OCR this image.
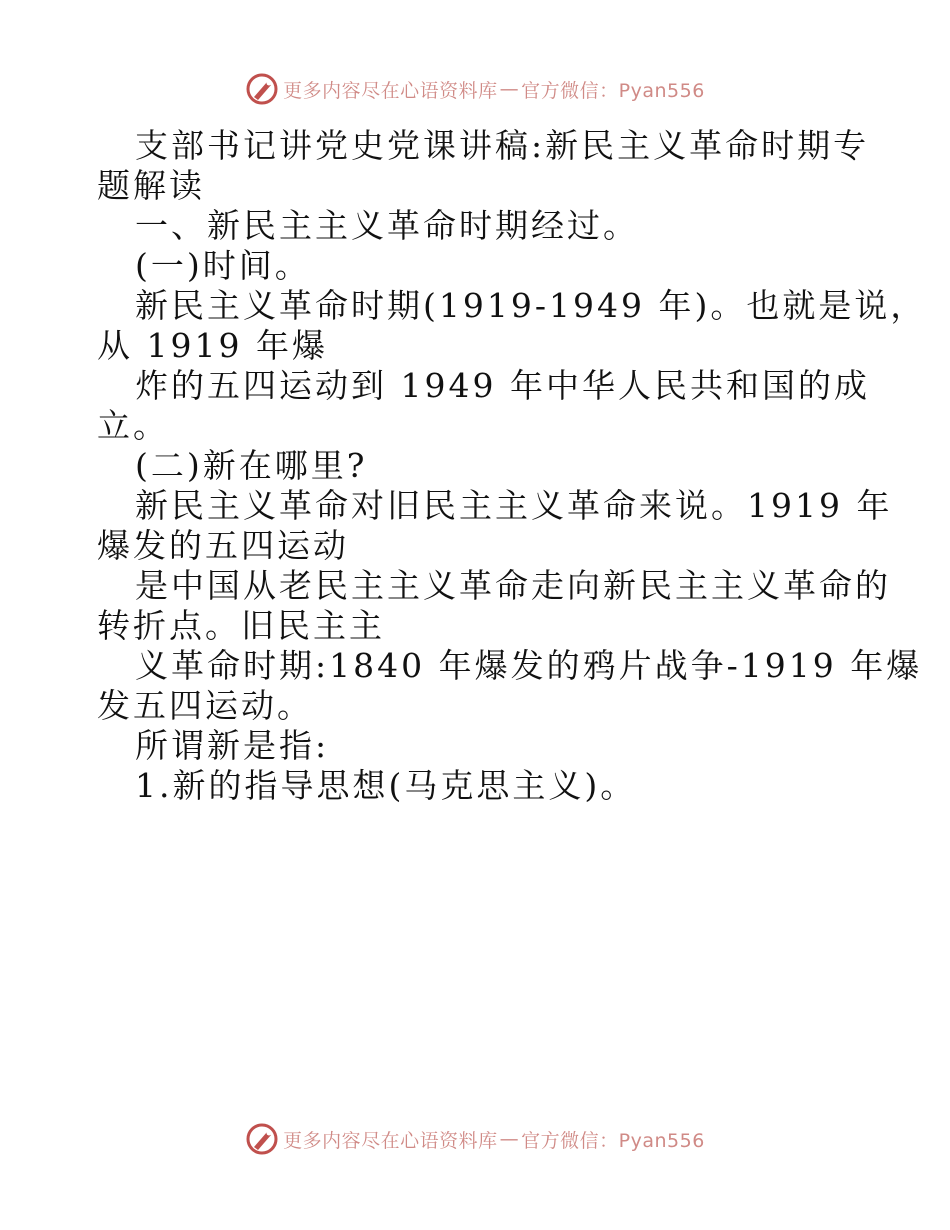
更多内容尽在心语资料库 — 官方微信：Pyan556
支部书记讲党史党课讲稿:新民主义革命时期专
题解读
一、新民主主义革命时期经过。
(一)时间。
新民主义革命时期(1919-1949 年)。也就是说，
从 1919 年爆
炸的五四运动到 1949 年中华人民共和国的成
立。
(二)新在哪里?
新民主义革命对旧民主主义革命来说。1919 年
爆发的五四运动
是中国从老民主主义革命走向新民主主义革命的
转折点。旧民主主
义革命时期:1840 年爆发的鸦片战争-1919 年爆
发五四运动。
所谓新是指:
1.新的指导思想(马克思主义)。
更多内容尽在心语资料库 — 官方微信：Pyan556
